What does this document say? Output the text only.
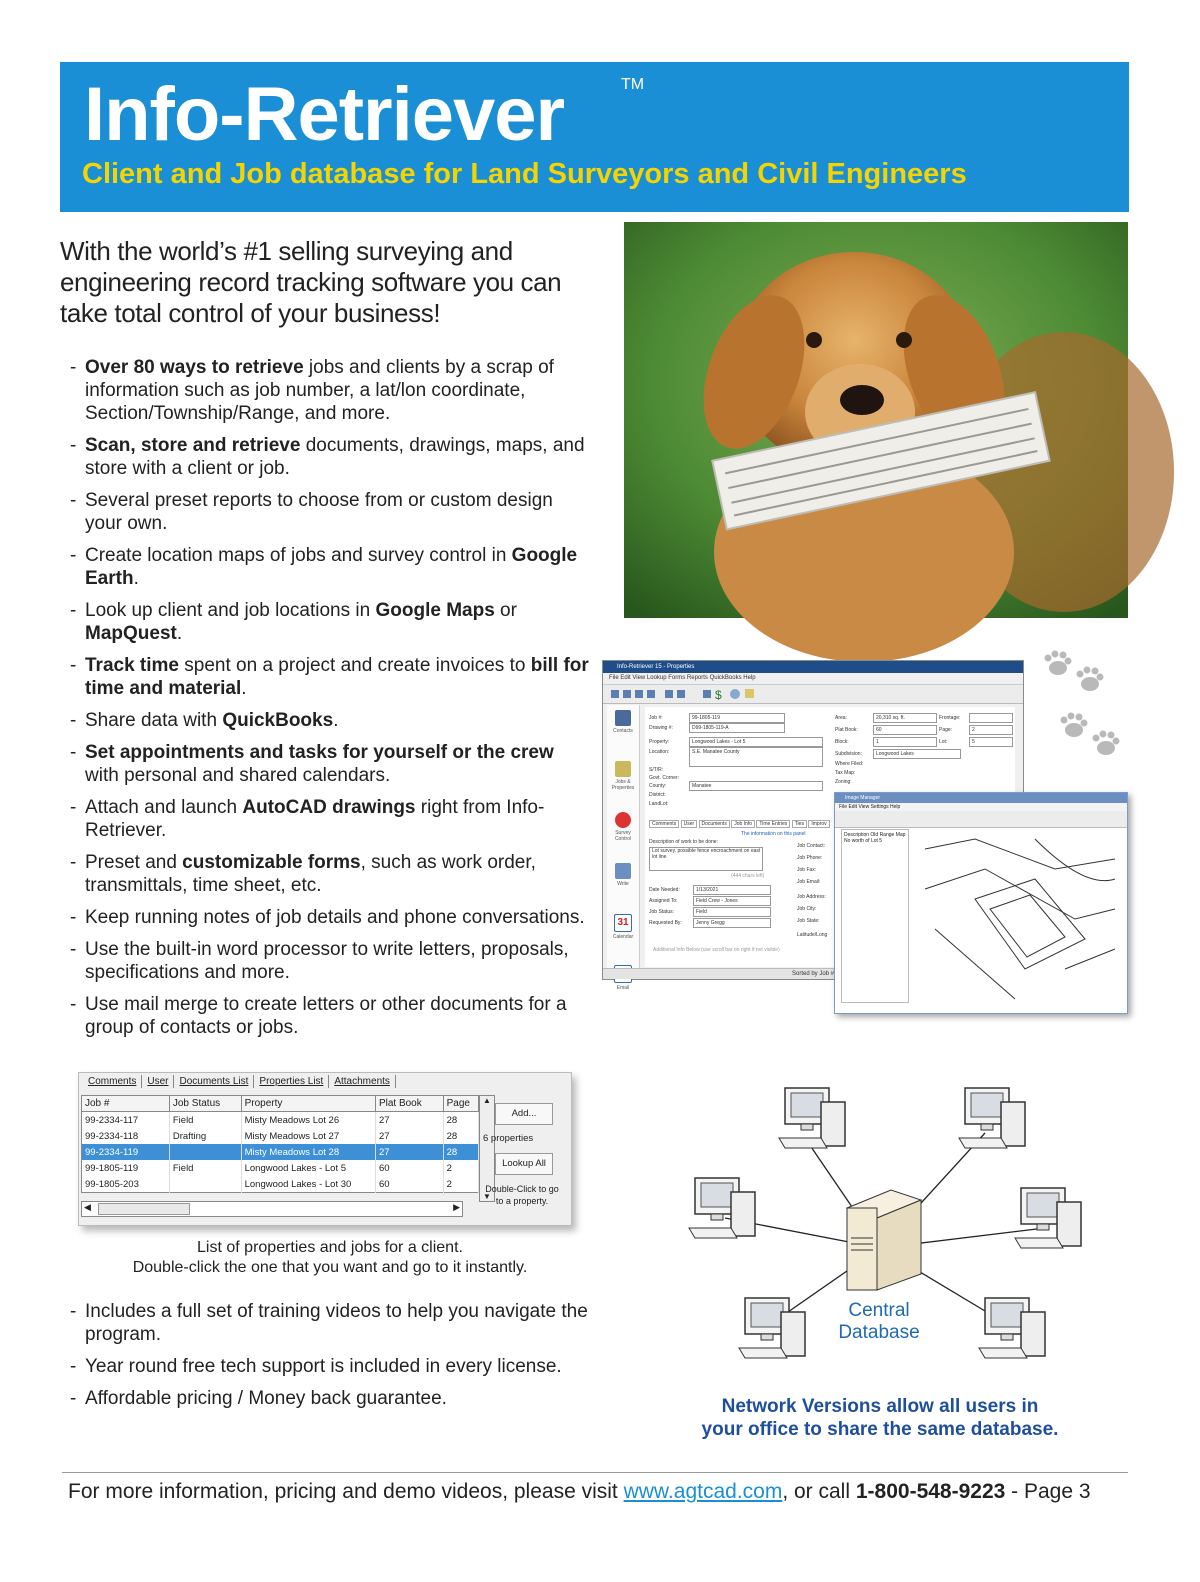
Info-Retriever	TM
Client and Job database for Land Surveyors and Civil Engineers
With the world’s #1 selling surveying and engineering record tracking software you can take total control of your business!
- Over 80 ways to retrieve jobs and clients by a scrap of information such as job number, a lat/lon coordinate, Section/Township/Range, and more.
- Scan, store and retrieve documents, drawings, maps, and store with a client or job.
- Several preset reports to choose from or custom design your own.
- Create location maps of jobs and survey control in Google Earth.
- Look up client and job locations in Google Maps or MapQuest.
- Track time spent on a project and create invoices to bill for time and material.
- Share data with QuickBooks.
- Set appointments and tasks for yourself or the crew with personal and shared calendars.
- Attach and launch AutoCAD drawings right from Info-Retriever.
- Preset and customizable forms, such as work order, transmittals, time sheet, etc.
- Keep running notes of job details and phone conversations.
- Use the built-in word processor to write letters, proposals, specifications and more.
- Use mail merge to create letters or other documents for a group of contacts or jobs.
Info-Retriever 15 - Properties
File Edit View Lookup Forms Reports QuickBooks Help
$
Contacts
Jobs & Properties
Survey Control
Write
31
Calendar
Email
Job #:	99-1805-119
Drawing #:	D99-1805-119-A
Property:	Longwood Lakes - Lot 5
Location:	S.E. Manatee County
S/T/R:
Govt. Corner:
County:	Manatee
District:
LandLot:
Area:	20,310 sq. ft.
Plat Book:	60
Block:	1
Subdivision:	Longwood Lakes
Where Filed:
Tax Map:
Zoning:
Frontage:
Page:	2
Lot:	5
Comments User Documents Job Info Time Entries Ties Improv
The information on this panel
Description of work to be done:
Lot survey, possible fence encroachment on east lot line
(444 chars left)
Date Needed:	1/13/2021
Assigned To:	Field Crew - Jones
Job Status:	Field
Requested By:	Jenny Gregg
Additional Info Below (use scroll bar on right if not visible)
Job Contact:
Job Phone:
Job Fax:
Job Email:
Job Address:
Job City:
Job State:
Latitude/Long
Sorted by Job #
Image Manager
File Edit View Settings Help
Description Old Range Map No worth of Lot 5
Comments User Documents List Properties List Attachments
Job #	Job Status	Property	Plat Book	Page
99-2334-117	Field	Misty Meadows Lot 26	27	28
99-2334-118	Drafting	Misty Meadows Lot 27	27	28
99-2334-119		Misty Meadows Lot 28	27	28
99-1805-119	Field	Longwood Lakes - Lot 5	60	2
99-1805-203		Longwood Lakes - Lot 30	60	2
▲
▼
◀	▶
Add...
6 properties
Lookup All
Double-Click to go to a property.
List of properties and jobs for a client.
Double-click the one that you want and go to it instantly.
- Includes a full set of training videos to help you navigate the program.
- Year round free tech support is included in every license.
- Affordable pricing / Money back guarantee.
Central
Database
Network Versions allow all users in
your office to share the same database.
For more information, pricing and demo videos, please visit www.agtcad.com, or call 1-800-548-9223 - Page 3
